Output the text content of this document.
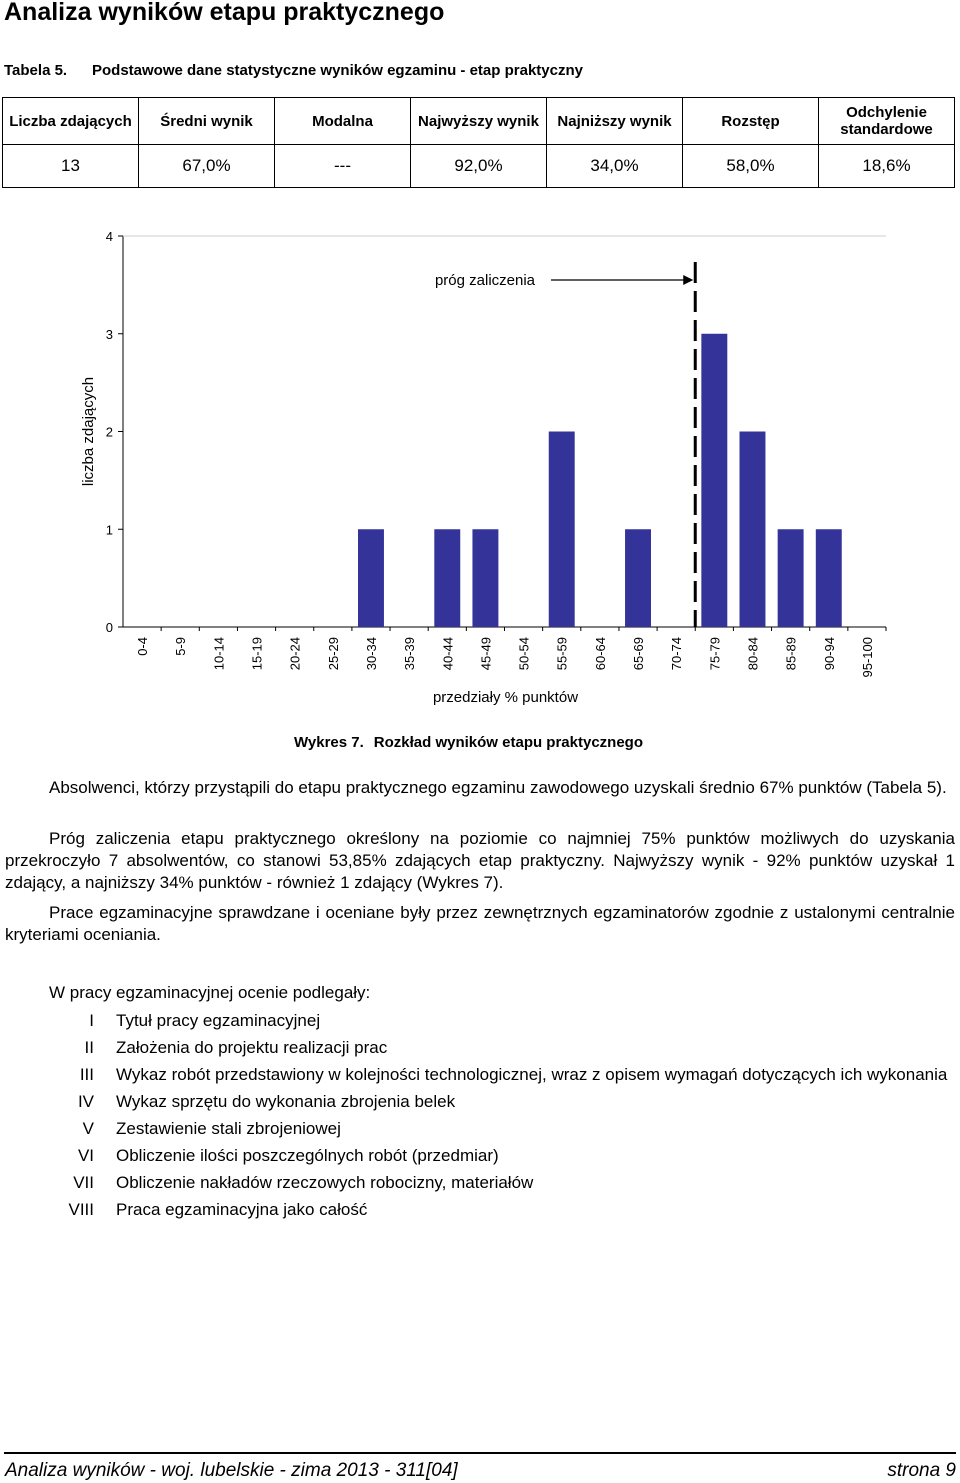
Analiza wyników etapu praktycznego
Tabela 5. Podstawowe dane statystyczne wyników egzaminu - etap praktyczny
Liczba zdających	Średni wynik	Modalna	Najwyższy wynik	Najniższy wynik	Rozstęp	Odchylenie standardowe
13	67,0%	---	92,0%	34,0%	58,0%	18,6%
0
1
2
3
4
0-4 5-9 10-14 15-19 20-24 25-29 30-34 35-39 40-44 45-49 50-54 55-59 60-64 65-69 70-74 75-79 80-84 85-89 90-94 95-100
liczba zdających
przedziały % punktów
próg zaliczenia
Wykres 7. Rozkład wyników etapu praktycznego

Absolwenci, którzy przystąpili do etapu praktycznego egzaminu zawodowego uzyskali średnio 67% punktów (Tabela 5).

Próg zaliczenia etapu praktycznego określony na poziomie co najmniej 75% punktów możliwych do uzyskania przekroczyło 7 absolwentów, co stanowi 53,85% zdających etap praktyczny. Najwyższy wynik - 92% punktów uzyskał 1 zdający, a najniższy 34% punktów - również 1 zdający (Wykres 7).

Prace egzaminacyjne sprawdzane i oceniane były przez zewnętrznych egzaminatorów zgodnie z ustalonymi centralnie kryteriami oceniania.

W pracy egzaminacyjnej ocenie podlegały:
I Tytuł pracy egzaminacyjnej
II Założenia do projektu realizacji prac
III Wykaz robót przedstawiony w kolejności technologicznej, wraz z opisem wymagań dotyczących ich wykonania
IV Wykaz sprzętu do wykonania zbrojenia belek
V Zestawienie stali zbrojeniowej
VI Obliczenie ilości poszczególnych robót (przedmiar)
VII Obliczenie nakładów rzeczowych robocizny, materiałów
VIII Praca egzaminacyjna jako całość
Analiza wyników - woj. lubelskie - zima 2013 - 311[04]	strona 9
